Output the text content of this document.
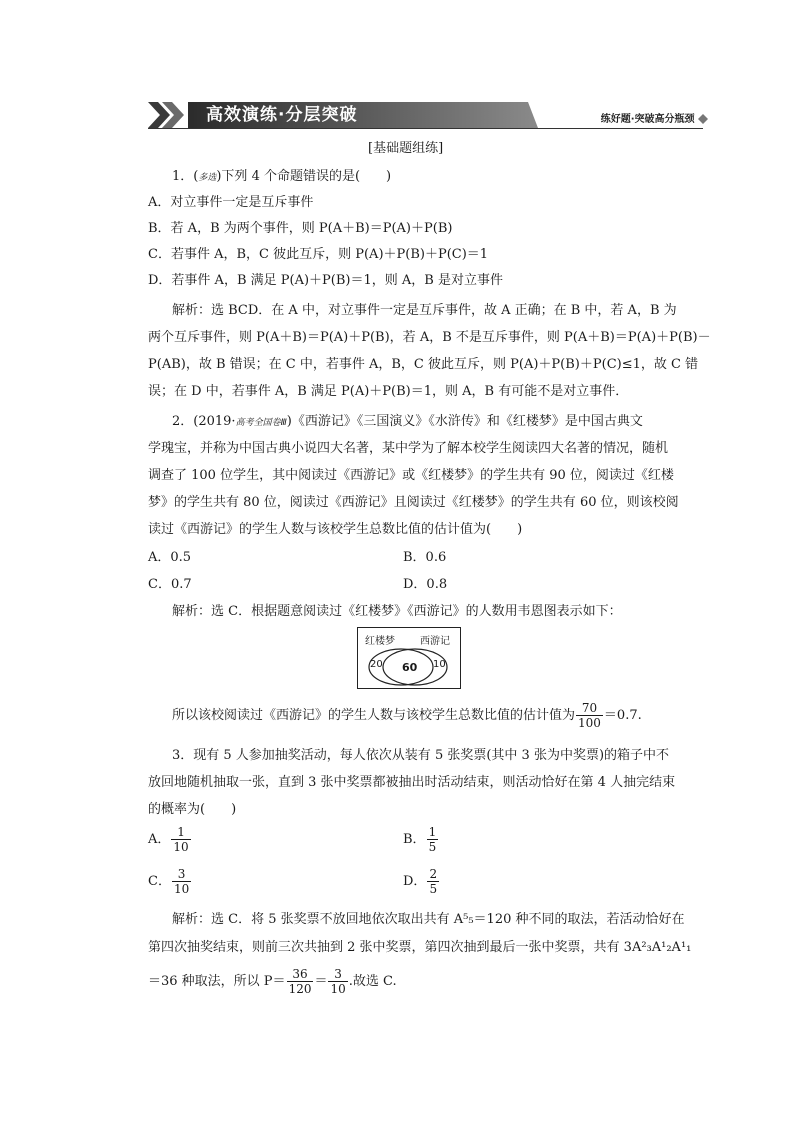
高效演练·分层突破	练好题·突破高分瓶颈
[基础题组练]
1．(多选)下列 4 个命题错误的是(　　)
A．对立事件一定是互斥事件
B．若 A，B 为两个事件，则 P(A＋B)＝P(A)＋P(B)
C．若事件 A，B，C 彼此互斥，则 P(A)＋P(B)＋P(C)＝1
D．若事件 A，B 满足 P(A)＋P(B)＝1，则 A，B 是对立事件
解析：选 BCD．在 A 中，对立事件一定是互斥事件，故 A 正确；在 B 中，若 A，B 为
两个互斥事件，则 P(A＋B)＝P(A)＋P(B)，若 A，B 不是互斥事件，则 P(A＋B)＝P(A)＋P(B)－
P(AB)，故 B 错误；在 C 中，若事件 A，B，C 彼此互斥，则 P(A)＋P(B)＋P(C)≤1，故 C 错
误；在 D 中，若事件 A，B 满足 P(A)＋P(B)＝1，则 A，B 有可能不是对立事件．
2．(2019·高考全国卷Ⅲ)《西游记》《三国演义》《水浒传》和《红楼梦》是中国古典文
学瑰宝，并称为中国古典小说四大名著，某中学为了解本校学生阅读四大名著的情况，随机
调查了 100 位学生，其中阅读过《西游记》或《红楼梦》的学生共有 90 位，阅读过《红楼
梦》的学生共有 80 位，阅读过《西游记》且阅读过《红楼梦》的学生共有 60 位，则该校阅
读过《西游记》的学生人数与该校学生总数比值的估计值为(　　)
A．0.5	B．0.6
C．0.7	D．0.8
解析：选 C．根据题意阅读过《红楼梦》《西游记》的人数用韦恩图表示如下：
红楼梦	西游记
20 60 10
所以该校阅读过《西游记》的学生人数与该校学生总数比值的估计值为 $\frac{70}{100} =0.7$.
3．现有 5 人参加抽奖活动，每人依次从装有 5 张奖票(其中 3 张为中奖票)的箱子中不
放回地随机抽取一张，直到 3 张中奖票都被抽出时活动结束，则活动恰好在第 4 人抽完结束
的概率为(　　)
A． $\frac{1}{10}$	B． $\frac{1}{5}$
C． $\frac{3}{10}$	D． $\frac{2}{5}$
解析：选 C．将 5 张奖票不放回地依次取出共有 A⁵₅＝120 种不同的取法，若活动恰好在
第四次抽奖结束，则前三次共抽到 2 张中奖票，第四次抽到最后一张中奖票，共有 3A²₃A¹₂A¹₁
＝36 种取法，所以 $P= \frac{36}{120} = \frac{3}{10}$ .故选 C.
